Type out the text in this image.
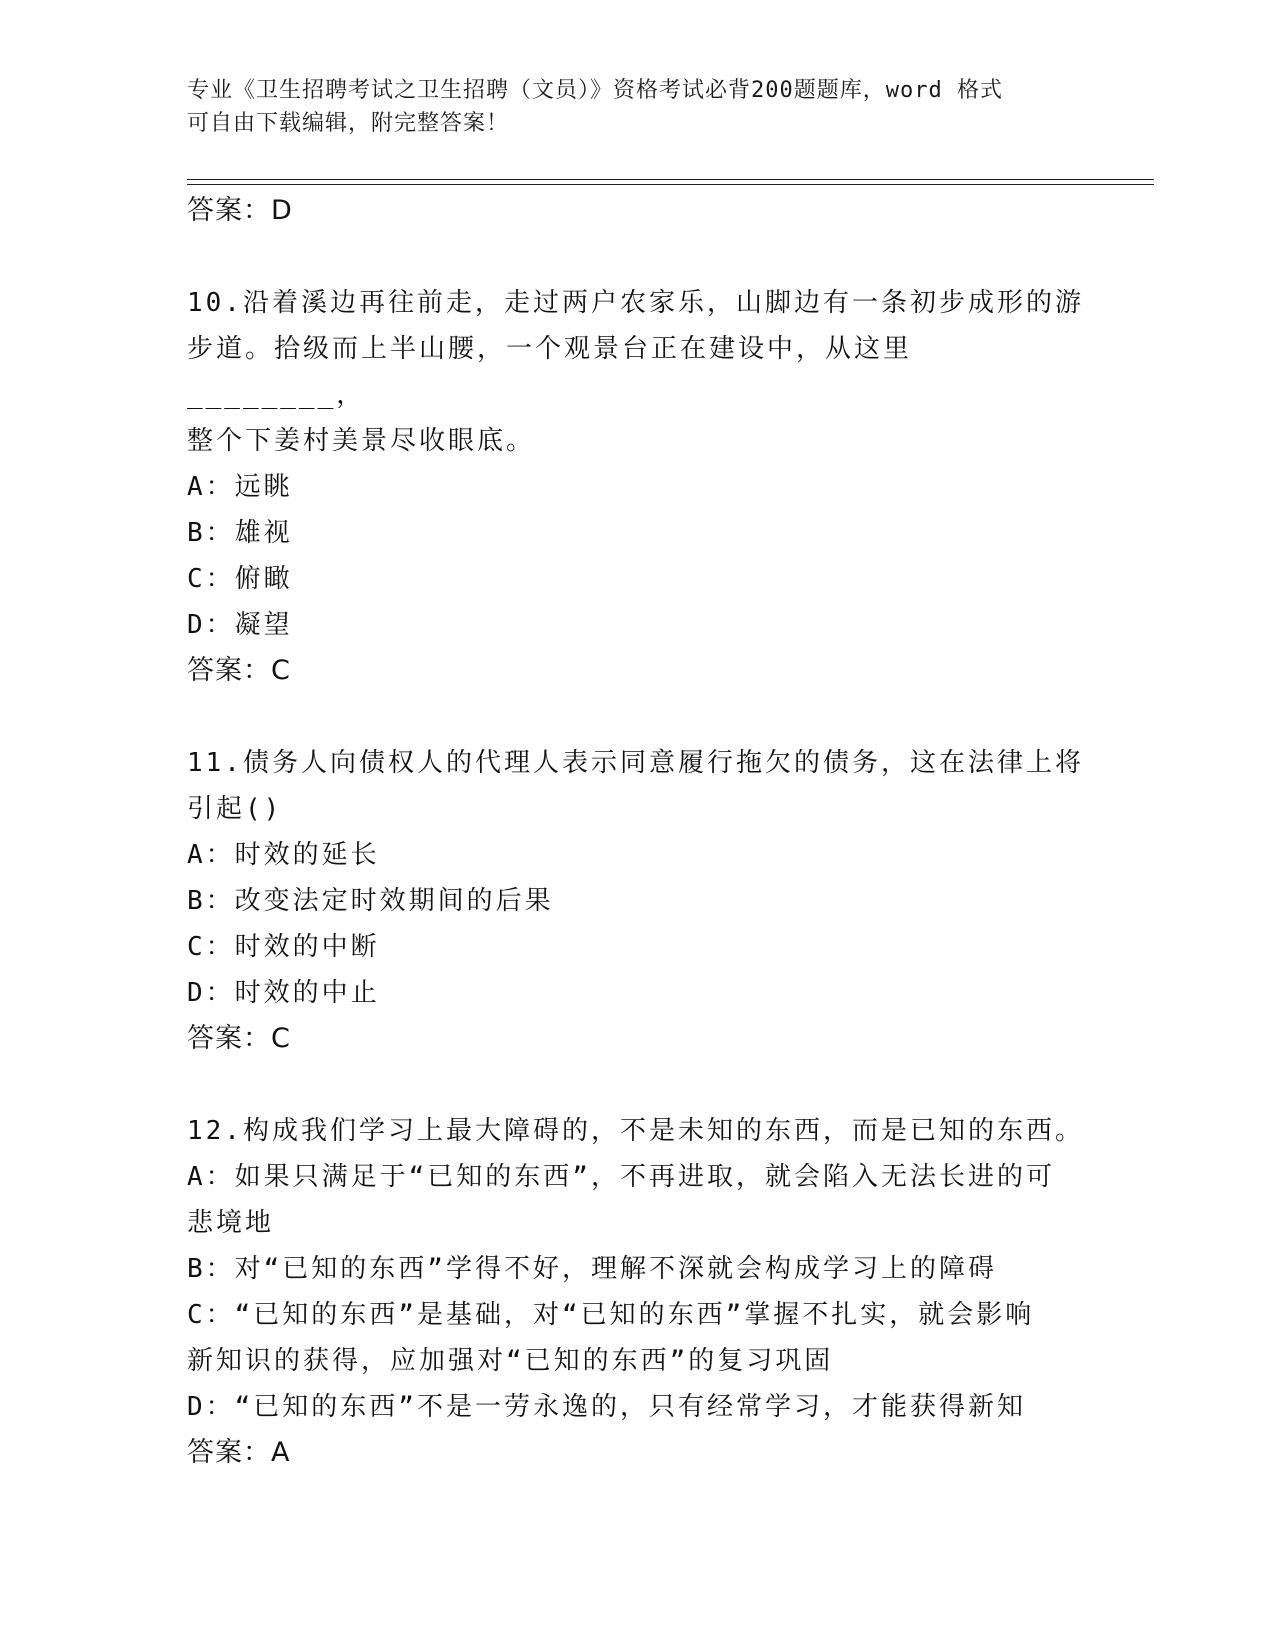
专业《卫生招聘考试之卫生招聘（文员）》资格考试必背200题题库，word 格式
可自由下载编辑，附完整答案！
答案：D
10.沿着溪边再往前走，走过两户农家乐，山脚边有一条初步成形的游
步道。拾级而上半山腰，一个观景台正在建设中，从这里________，
整个下姜村美景尽收眼底。
A：远眺
B：雄视
C：俯瞰
D：凝望
答案：C
11.债务人向债权人的代理人表示同意履行拖欠的债务，这在法律上将
引起()
A：时效的延长
B：改变法定时效期间的后果
C：时效的中断
D：时效的中止
答案：C
12.构成我们学习上最大障碍的，不是未知的东西，而是已知的东西。
A：如果只满足于“已知的东西”，不再进取，就会陷入无法长进的可
悲境地
B：对“已知的东西”学得不好，理解不深就会构成学习上的障碍
C：“已知的东西”是基础，对“已知的东西”掌握不扎实，就会影响
新知识的获得，应加强对“已知的东西”的复习巩固
D：“已知的东西”不是一劳永逸的，只有经常学习，才能获得新知
答案：A
